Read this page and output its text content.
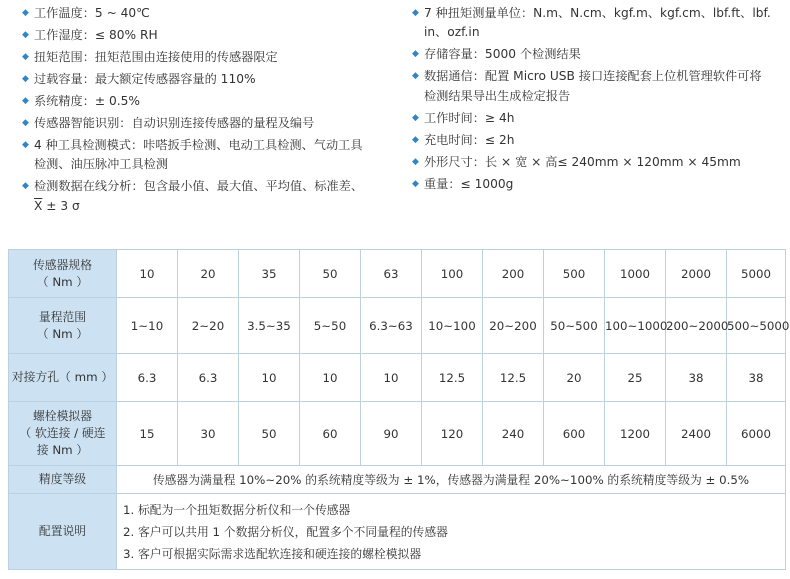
◆ 工作温度：5 ~ 40℃
◆ 工作湿度：≤ 80% RH
◆ 扭矩范围：扭矩范围由连接使用的传感器限定
◆ 过载容量：最大额定传感器容量的 110%
◆ 系统精度：± 0.5%
◆ 传感器智能识别：自动识别连接传感器的量程及编号
◆ 4 种工具检测模式：咔嗒扳手检测、电动工具检测、气动工具
检测、油压脉冲工具检测
◆ 检测数据在线分析：包含最小值、最大值、平均值、标准差、
$\overline{X} \pm 3$ σ
◆ 7 种扭矩测量单位：N.m、N.cm、kgf.m、kgf.cm、lbf.ft、lbf.
in、ozf.in
◆ 存储容量：5000 个检测结果
◆ 数据通信：配置 Micro USB 接口连接配套上位机管理软件可将
检测结果导出生成检定报告
◆ 工作时间：≥ 4h
◆ 充电时间：≤ 2h
◆ 外形尺寸：长 × 宽 × 高≤ 240mm × 120mm × 45mm
◆ 重量：≤ 1000g
传感器规格
（ Nm ）	10	20	35	50	63	100	200	500	1000	2000	5000
量程范围
（ Nm ）	1~10	2~20	3.5~35	5~50	6.3~63	10~100	20~200	50~500	100~1000	200~2000	500~5000
对接方孔（ mm ）	6.3	6.3	10	10	10	12.5	12.5	20	25	38	38
螺栓模拟器
（ 软连接 / 硬连
接 Nm ）	15	30	50	60	90	120	240	600	1200	2400	6000
精度等级	传感器为满量程 10%~20% 的系统精度等级为 ± 1%，传感器为满量程 20%~100% 的系统精度等级为 ± 0.5%										
配置说明	1. 标配为一个扭矩数据分析仪和一个传感器
2. 客户可以共用 1 个数据分析仪，配置多个不同量程的传感器
3. 客户可根据实际需求选配软连接和硬连接的螺栓模拟器										
